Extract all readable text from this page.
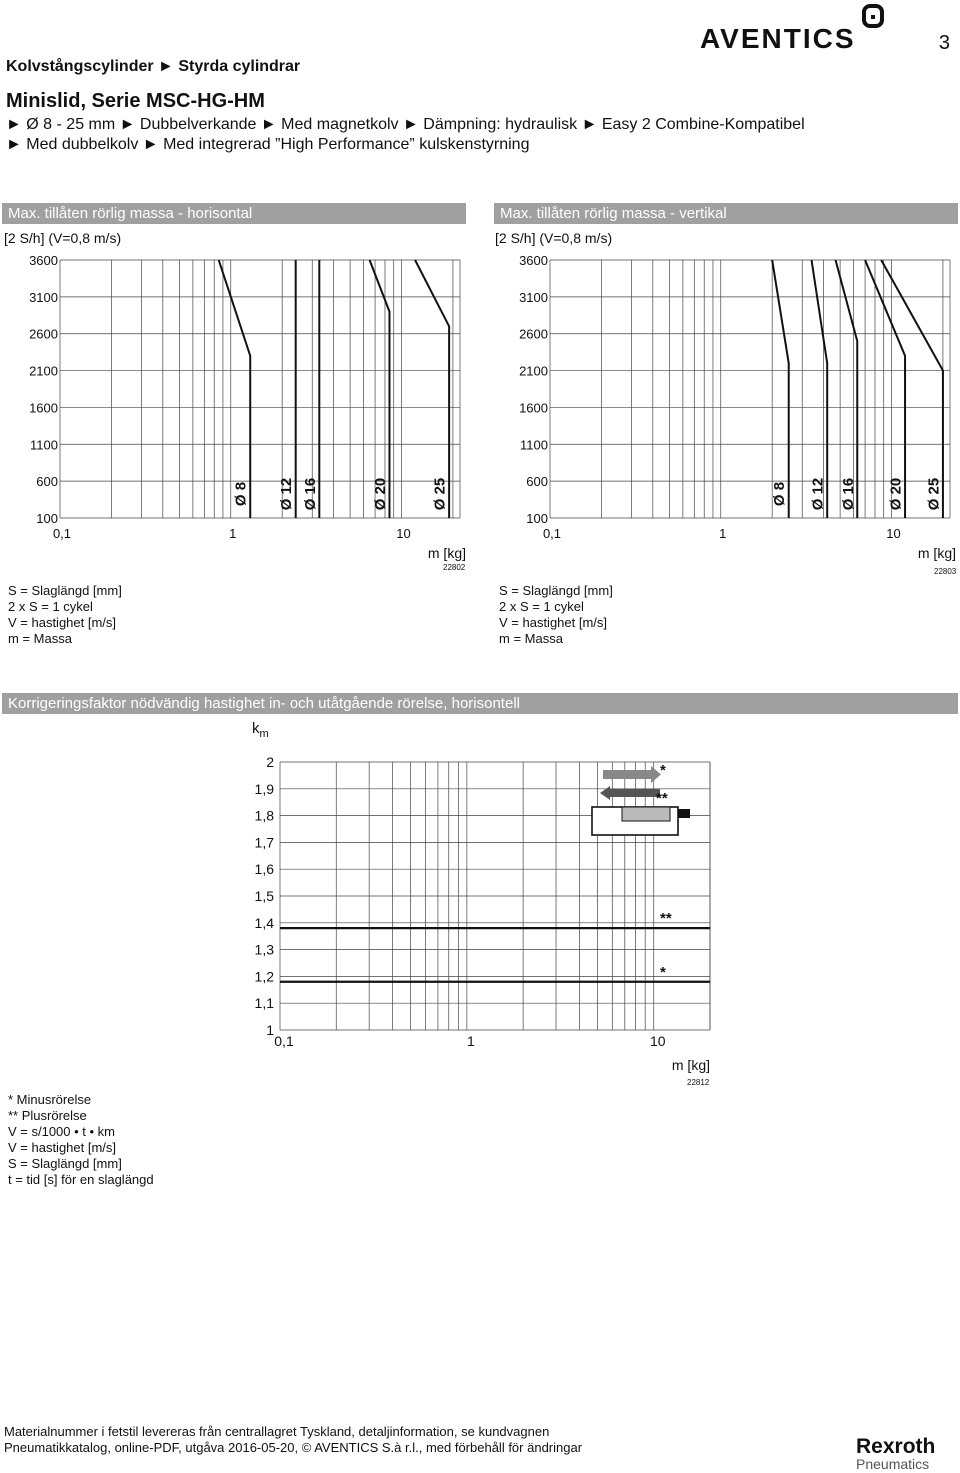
3
AVENTICS
Kolvstångscylinder ► Styrda cylindrar
Minislid, Serie MSC-HG-HM
► Ø 8 - 25 mm ► Dubbelverkande ► Med magnetkolv ► Dämpning: hydraulisk ► Easy 2 Combine-Kompatibel
► Med dubbelkolv ► Med integrerad ”High Performance” kulskenstyrning
Max. tillåten rörlig massa - horisontal	Max. tillåten rörlig massa - vertikal
[2 S/h] (V=0,8 m/s)	[2 S/h] (V=0,8 m/s)
3600
3100
2600
2100
1600
1100
600
100
0,1	1	10
m [kg]
Ø 8 Ø 12 Ø 16	Ø 20	Ø 25
3600
3100
2600
2100
1600
1100
600
100
0,1	1	10
m [kg]
Ø 8 Ø 12 Ø 16 Ø 20 Ø 25
22802	22803
S = Slaglängd [mm]
2 x S = 1 cykel
V = hastighet [m/s]
m = Massa
S = Slaglängd [mm]
2 x S = 1 cykel
V = hastighet [m/s]
m = Massa
Korrigeringsfaktor nödvändig hastighet in- och utåtgående rörelse, horisontell
$k_m$
2
1,9
1,8
1,7
1,6
1,5
1,4
1,3
1,2
1,1
1
0,1	1	10
m [kg]
**
*
*
**
22812
* Minusrörelse
** Plusrörelse
V = s/1000 • t • km
V = hastighet [m/s]
S = Slaglängd [mm]
t = tid [s] för en slaglängd
Materialnummer i fetstil levereras från centrallagret Tyskland, detaljinformation, se kundvagnen
Pneumatikkatalog, online-PDF, utgåva 2016-05-20, © AVENTICS S.à r.l., med förbehåll för ändringar	Rexroth
Pneumatics
